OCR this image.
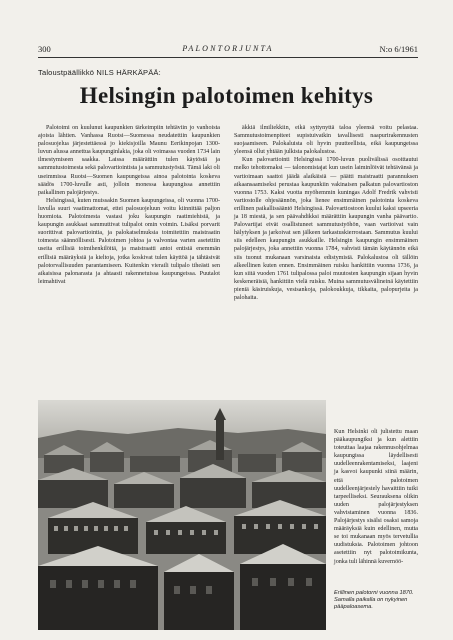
300	PALONTORJUNTA	N:o 6/1961
Taloustpäällikkö NILS HÄRKÄPÄÄ:
Helsingin palotoimen kehitys

Palotoimi on kuulunut kaupunkien tärkeimpiin tehtäviin jo vanhoista ajoista lähtien. Vanhassa Ruotsi—Suomessa neudatettiin kaupunkien palosuojelua järjestettäessä jo kiekisjoilla Maunu Eerikinpojan 1300-luvun alussa annettua kaupunginlakia, joka oli voimassa vuoden 1734 lain ilmestymiseen saakka. Laissa määrättiin tulen käytöstä ja sammutustoimesta sekä palovartiointista ja sammutustyöstä. Tämä laki oli useimmissa Ruotsi—Suomen kaupungeissa ainoa palotointa koskeva säädös 1700-luvulle asti, jolloin monessa kaupungissa annettiin paikallinen palojärjestys.

Helsingissä, kuten muissakin Suomen kaupungeissa, oli vuonna 1700-luvulla suuri vaatimattomat, ettei palosuojeluun voitu kiinnittää paljon huomiota. Palotoimesta vastasi joku kaupungin raatimiehistä, ja kaupungin asukkaat sammuttivat tulipalot omin voimin. Lisäksi porvarit suorittivat palovartiointia, ja palokatselmuksia toimitettiin maistraatin toimesta säännöllisesti. Palotoimen johtoa ja valvontaa varten asetettiin useita erillisiä toimihenkilöitä, ja maistraatti antoi entistä enemmän erillisiä määräyksiä ja kieltoja, jotka koskivat tulen käyttöä ja tähtäsivät palotorvallisuuden parantamiseen. Kuitenkin vieraili tulipalo tiheästi sen aikaisissa palonarasta ja ahtaasti rakennetuissa kaupungeissa. Puutalot leimahtivat

äkkiä ilmiliekkiin, eikä syttynyttä taloa yleensä voitu pelastaa. Sammutustoimenpiteet supistuivatkin tavallisesti naapurirakennusten suojaamiseen. Palokaluista oli hyvin puutteellista, eikä kaupungeissa yleensä ollut yhtään julkista palokalustoa.

Kun palovartiointi Helsingissä 1700-luvun puolivälissä osoittautui melko tehottomaksi — talonomistajat kun usein laiminlöivät tehtävänsä ja vartioimaan saattoi jäädä alaikäisiä — päätti maistraatti parannuksen aikaansaamiseksi perustaa kaupunkiin vakinaisen palkatun palovartioston vuonna 1753. Kaksi vuotta myöhemmin kuningas Adolf Fredrik vahvisti vartiostolle ohjesäännön, joka lienee ensimmäinen palotointa koskeva erillinen paikallissääntö Helsingissä. Palovartiostoon kuului kaksi upseeria ja 18 miestä, ja sen päävahdikksi määrättiin kaupungin vanha päävartio. Palovartijat eivät osallistuneet sammutustyöhön, vaan vartioivat vain hälytyksen ja jarkoivat sen jälkeen tarkastuskierrostaan. Sammutus kuului siis edelleen kaupungin asukkaille. Helsingin kaupungin ensimmäinen palojärjestys, joka annettiin vuonna 1784, vahvisti tämän käytännön eikä siis tuonut mukanaan varsinaista edistymistä. Palokalustoa oli tällöin alkeellinen kuten ennen. Ensimmäinen ruisku hankittiin vuonna 1736, ja kun siitä vuoden 1761 tulipalossa paloi muutosten kaupungin sijaan hyvin keskeneräisiä, hankittiin vielä ruisku. Muina sammutusvälineinä käytettiin pieniä käsiruiskuja, vesisankoja, palokoukkuja, tikkaita, palopurjeita ja palohaita.

Kun Helsinki oli julistettu maan pääkaupungiksi ja kun alettiin toteuttaa laajaa rakennusohjelmaa kaupungissa läydellisesti uudelleenrakentamiseksi, laajeni ja kasvoi kaupunki siinä määrin, että palotoimen uudelleenjärjestely havaittiin tuiki tarpeelliseksi. Seurauksena olikin uuden palojärjestyksen vahvistaminen vuonna 1836. Palojärjestys sisälsi osaksi samoja määräyksiä kuin edellinen, mutta se toi mukanaan myös tervetullia uudistuksia. Palotoimen johtoon asetettiin nyt palotoimikunta, jonka tuli lähinnä kuvernöö-

Erillinen palotorni vuonna 1870. Samalla paikalla on nykyinen pääpaloasema.
